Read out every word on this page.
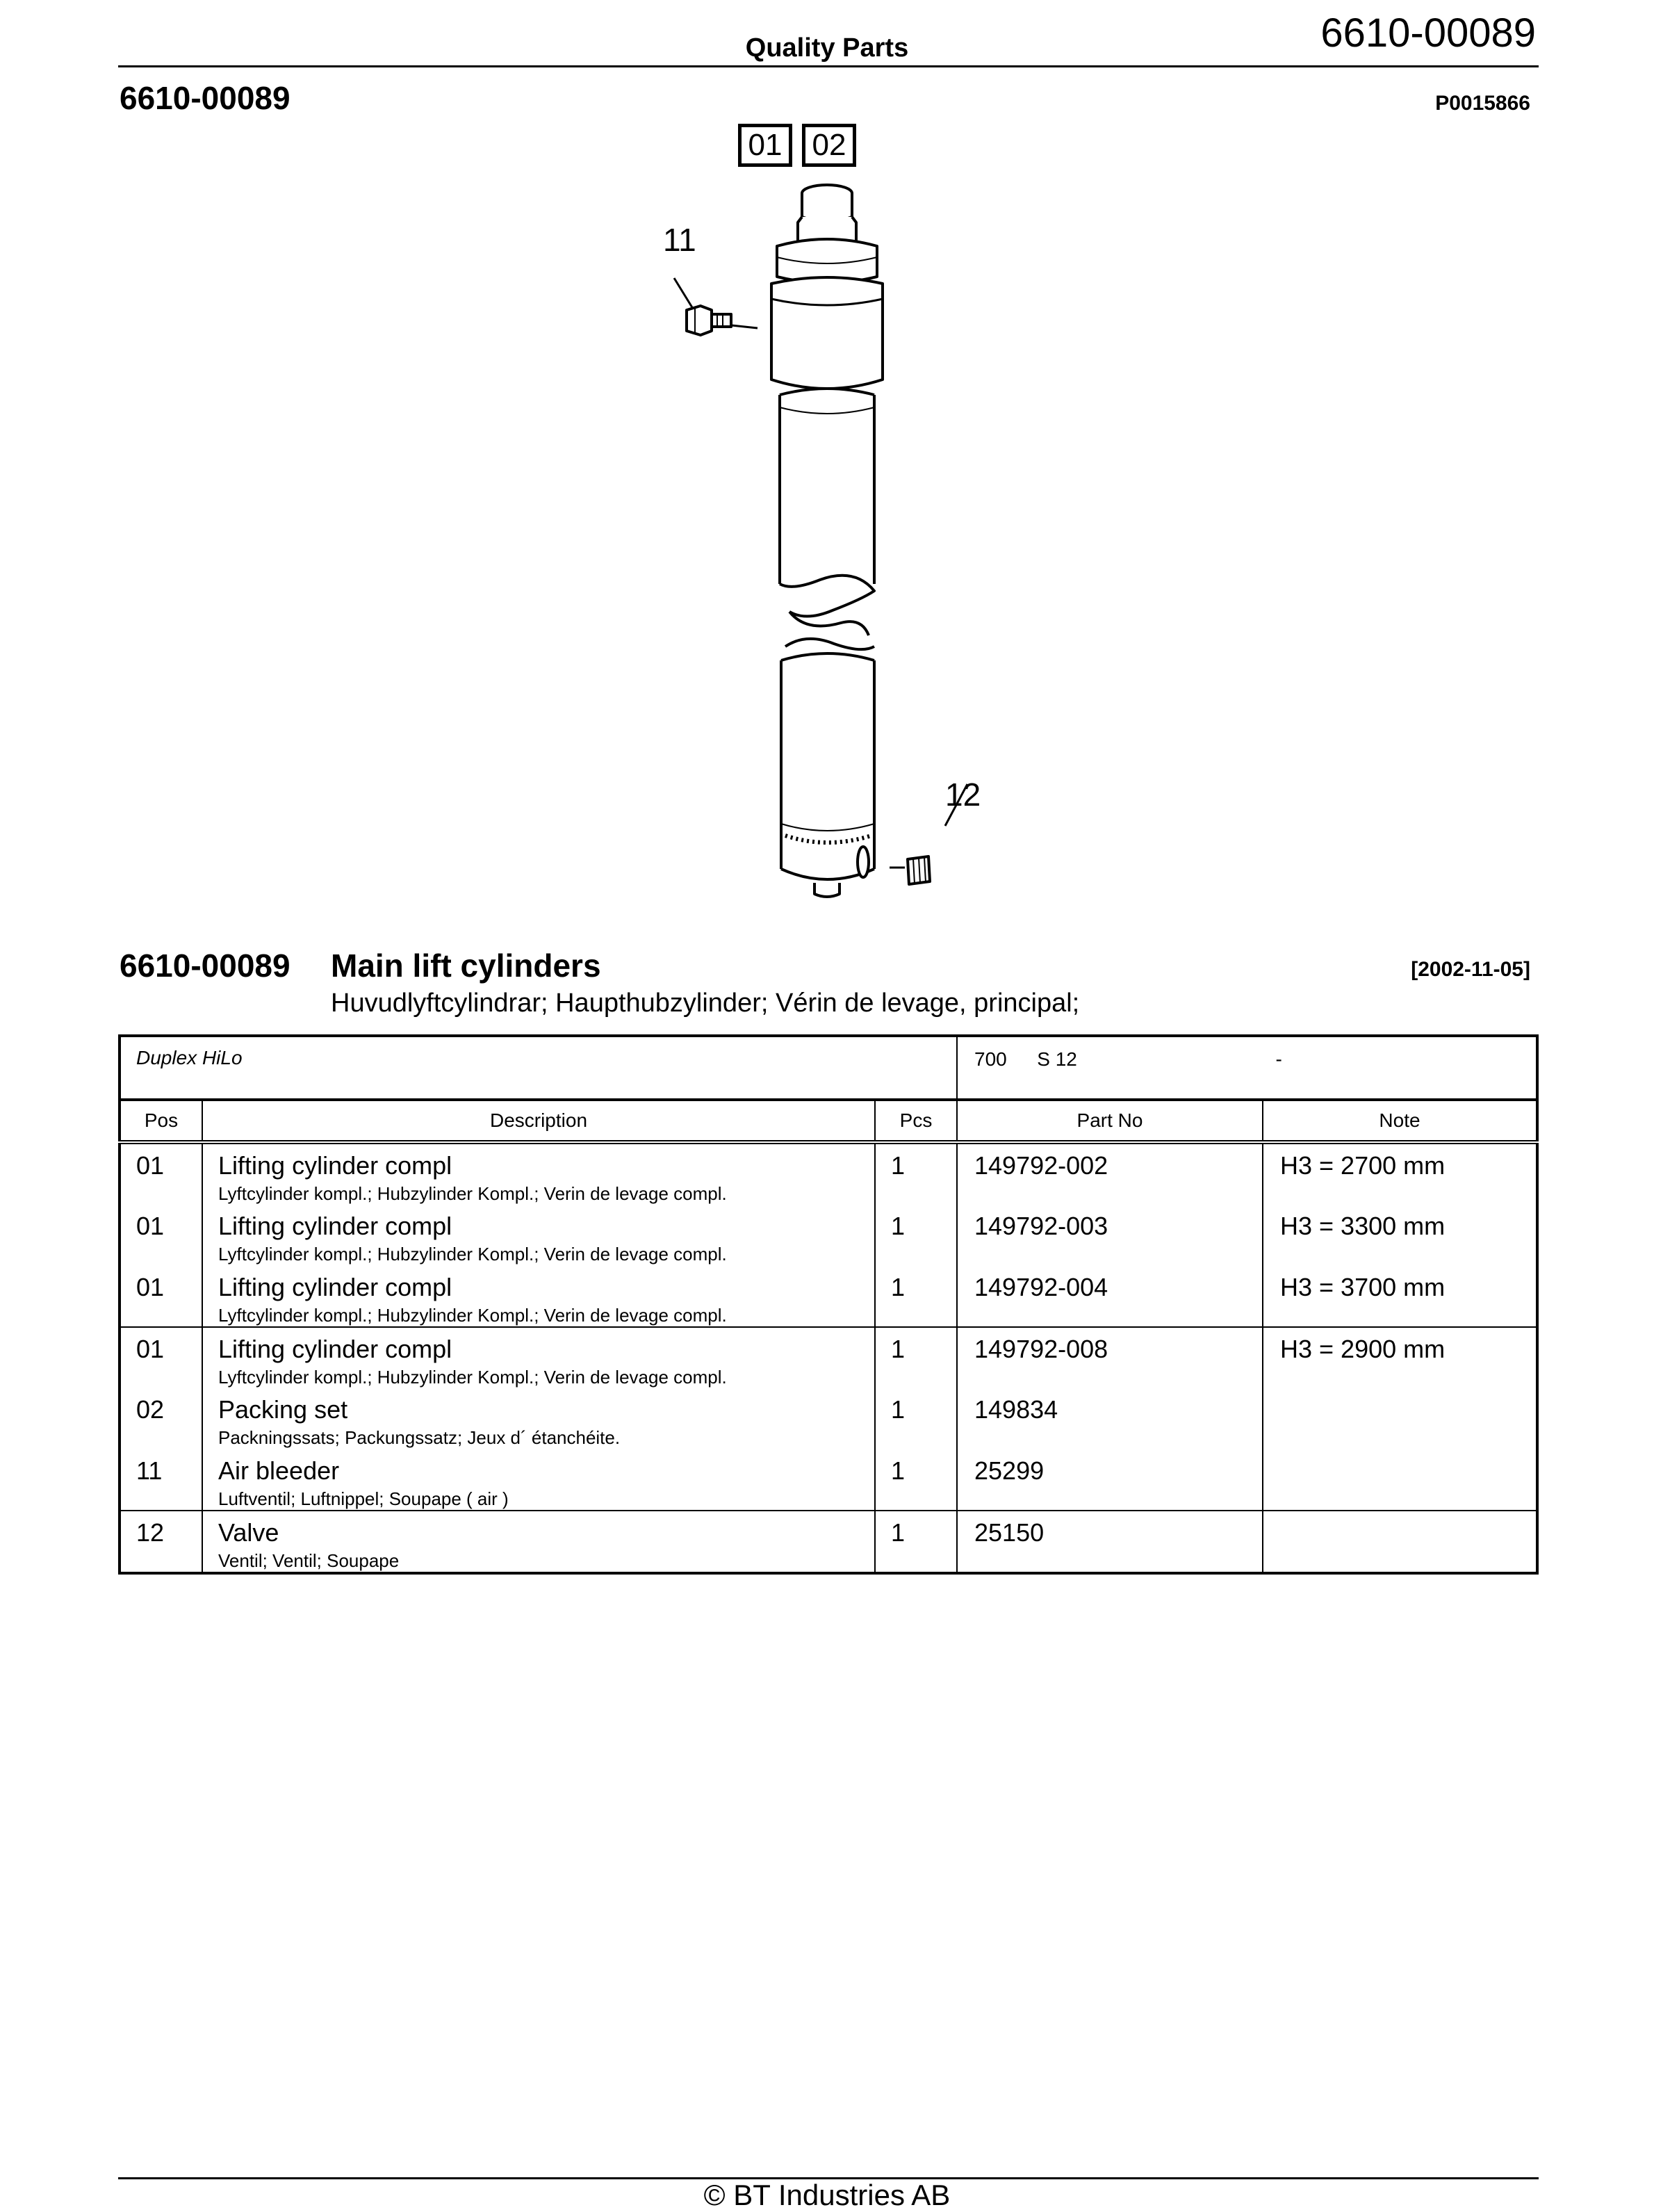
Quality Parts	6610-00089
6610-00089	P0015866
01 02
11
12
6610-00089 Main lift cylinders	[2002-11-05]
Huvudlyftcylindrar; Haupthubzylinder; Vérin de levage, principal;
Duplex HiLo			700 S 12 -	
Pos	Description	Pcs	Part No	Note
01	Lifting cylinder compl
Lyftcylinder kompl.; Hubzylinder Kompl.; Verin de levage compl.	1	149792-002	H3 = 2700 mm
01	Lifting cylinder compl
Lyftcylinder kompl.; Hubzylinder Kompl.; Verin de levage compl.	1	149792-003	H3 = 3300 mm
01	Lifting cylinder compl
Lyftcylinder kompl.; Hubzylinder Kompl.; Verin de levage compl.	1	149792-004	H3 = 3700 mm
01	Lifting cylinder compl
Lyftcylinder kompl.; Hubzylinder Kompl.; Verin de levage compl.	1	149792-008	H3 = 2900 mm
02	Packing set
Packningssats; Packungssatz; Jeux d´ étanchéite.	1	149834	
11	Air bleeder
Luftventil; Luftnippel; Soupape ( air )	1	25299	
12	Valve
Ventil; Ventil; Soupape	1	25150	
© BT Industries AB
